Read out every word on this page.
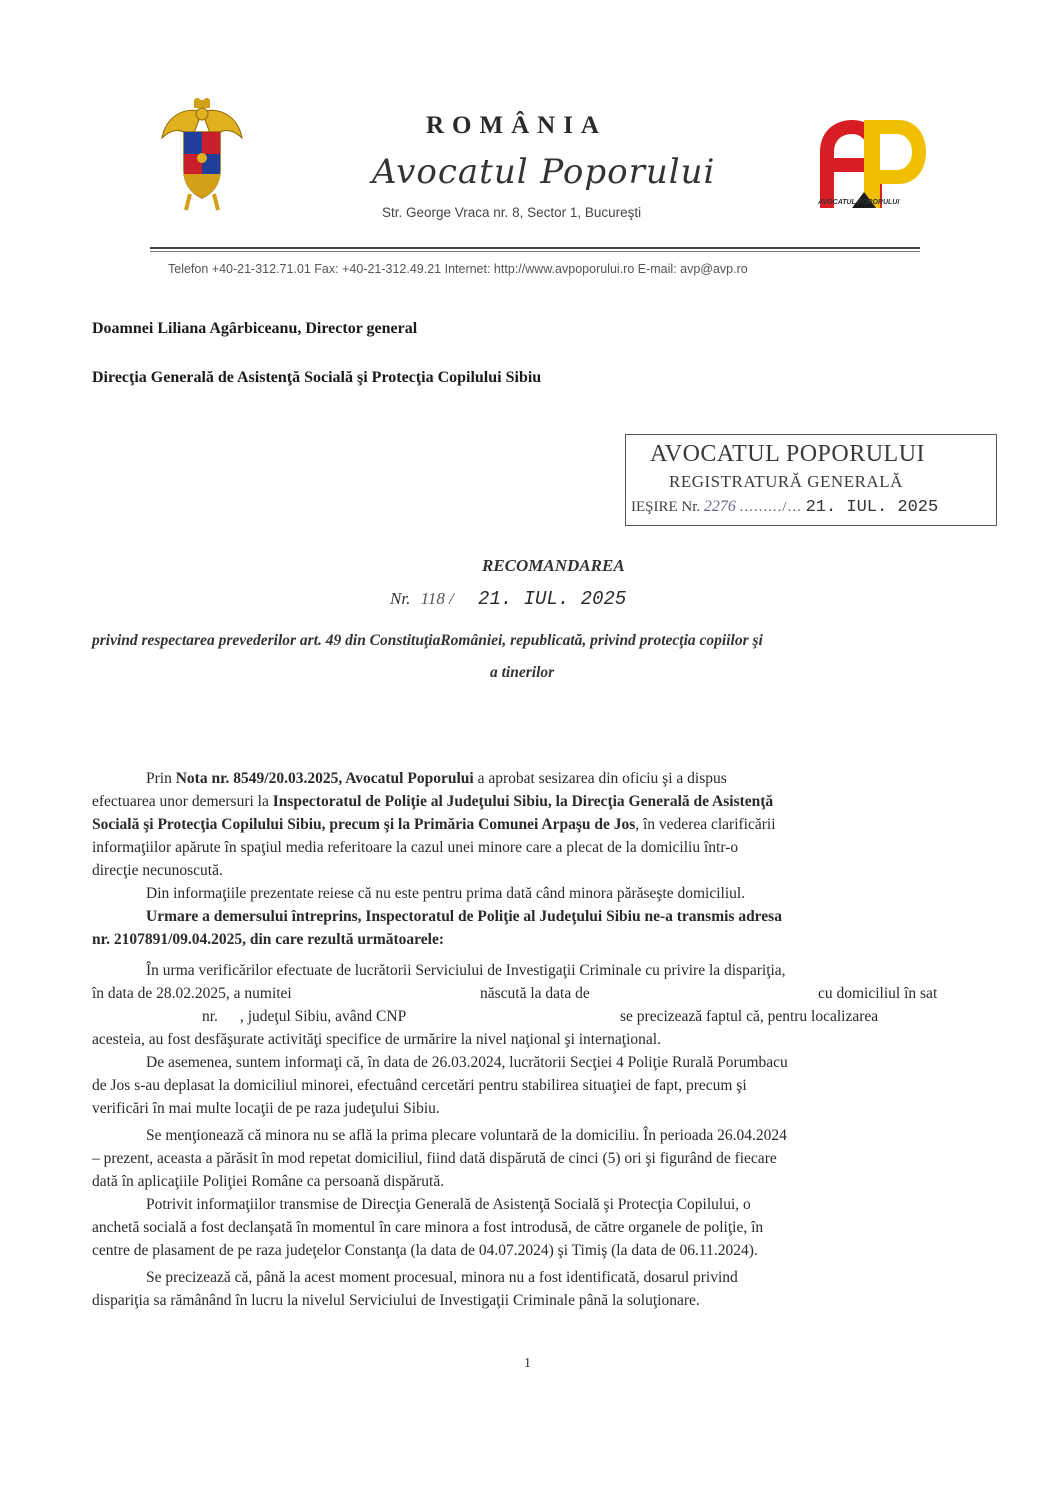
ROMÂNIA
Avocatul Poporului
Str. George Vraca nr. 8, Sector 1, Bucureşti
AVOCATUL POPORULUI
Telefon +40-21-312.71.01 Fax: +40-21-312.49.21 Internet: http://www.avpoporului.ro E-mail: avp@avp.ro
Doamnei Liliana Agârbiceanu, Director general
Direcţia Generală de Asistenţă Socială şi Protecţia Copilului Sibiu
AVOCATUL POPORULUI
REGISTRATURĂ GENERALĂ
IEŞIRE Nr. 2276 ........./... 21. IUL. 2025
RECOMANDAREA
Nr. 118 / 21. IUL. 2025
privind respectarea prevederilor art. 49 din ConstituţiaRomâniei, republicată, privind protecţia copiilor şi
a tinerilor
Prin Nota nr. 8549/20.03.2025, Avocatul Poporului a aprobat sesizarea din oficiu şi a dispus
efectuarea unor demersuri la Inspectoratul de Poliţie al Judeţului Sibiu, la Direcţia Generală de Asistenţă
Socială şi Protecţia Copilului Sibiu, precum şi la Primăria Comunei Arpaşu de Jos, în vederea clarificării
informaţiilor apărute în spaţiul media referitoare la cazul unei minore care a plecat de la domiciliu într-o
direcţie necunoscută.
Din informaţiile prezentate reiese că nu este pentru prima dată când minora părăseşte domiciliul.
Urmare a demersului întreprins, Inspectoratul de Poliţie al Judeţului Sibiu ne-a transmis adresa
nr. 2107891/09.04.2025, din care rezultă următoarele:
În urma verificărilor efectuate de lucrătorii Serviciului de Investigaţii Criminale cu privire la dispariţia,
în data de 28.02.2025, a numitei	născută la data de	cu domiciliul în sat
nr. , judeţul Sibiu, având CNP	se precizează faptul că, pentru localizarea
acesteia, au fost desfăşurate activităţi specifice de urmărire la nivel naţional şi internaţional.
De asemenea, suntem informaţi că, în data de 26.03.2024, lucrătorii Secţiei 4 Poliţie Rurală Porumbacu
de Jos s-au deplasat la domiciliul minorei, efectuând cercetări pentru stabilirea situaţiei de fapt, precum şi
verificări în mai multe locaţii de pe raza judeţului Sibiu.
Se menţionează că minora nu se află la prima plecare voluntară de la domiciliu. În perioada 26.04.2024
– prezent, aceasta a părăsit în mod repetat domiciliul, fiind dată dispărută de cinci (5) ori şi figurând de fiecare
dată în aplicaţiile Poliţiei Române ca persoană dispărută.
Potrivit informaţiilor transmise de Direcţia Generală de Asistenţă Socială şi Protecţia Copilului, o
anchetă socială a fost declanşată în momentul în care minora a fost introdusă, de către organele de poliţie, în
centre de plasament de pe raza judeţelor Constanţa (la data de 04.07.2024) şi Timiş (la data de 06.11.2024).
Se precizează că, până la acest moment procesual, minora nu a fost identificată, dosarul privind
dispariţia sa rămânând în lucru la nivelul Serviciului de Investigaţii Criminale până la soluţionare.
1
